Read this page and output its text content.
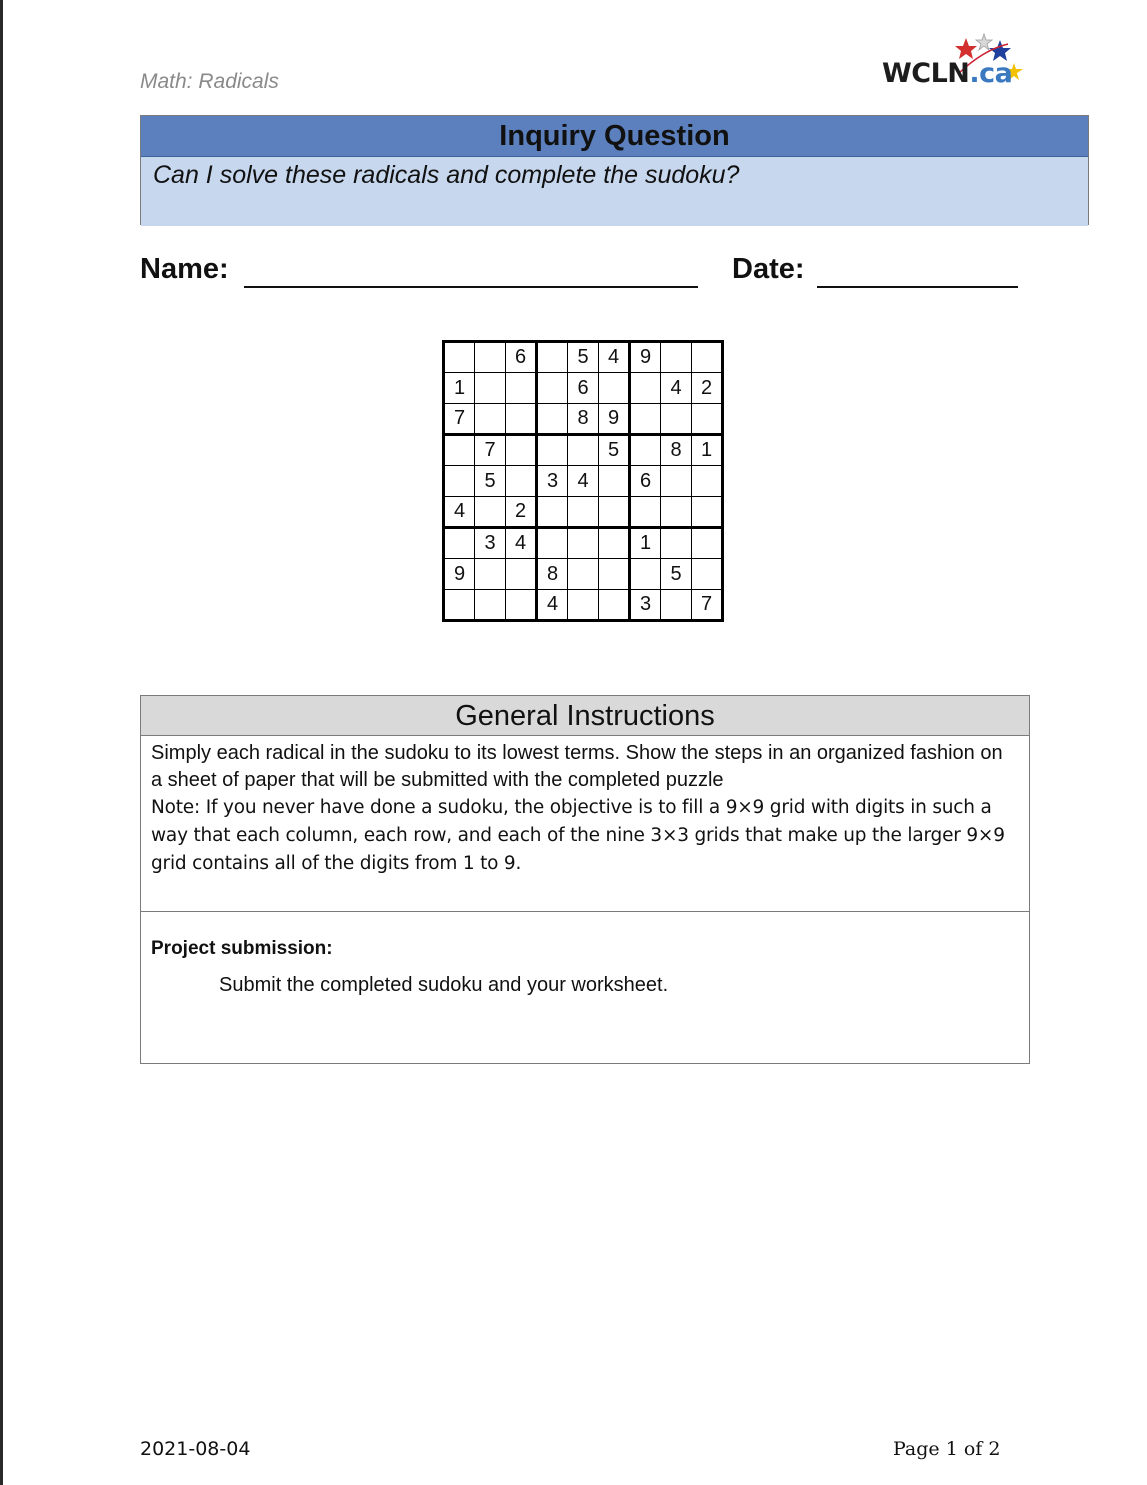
Math: Radicals	WCLN.ca
Inquiry Question
Can I solve these radicals and complete the sudoku?
Name:	Date:
		6		5	4	9		
1				6			4	2
7				8	9			
	7				5		8	1
	5		3	4		6		
4		2						
	3	4				1		
9			8				5	
			4			3		7
General Instructions
Simply each radical in the sudoku to its lowest terms. Show the steps in an organized fashion on a sheet of paper that will be submitted with the completed puzzle
Note: If you never have done a sudoku, the objective is to fill a 9×9 grid with digits in such a way that each column, each row, and each of the nine 3×3 grids that make up the larger 9×9 grid contains all of the digits from 1 to 9.
Project submission:
Submit the completed sudoku and your worksheet.
2021-08-04	Page 1 of 2
